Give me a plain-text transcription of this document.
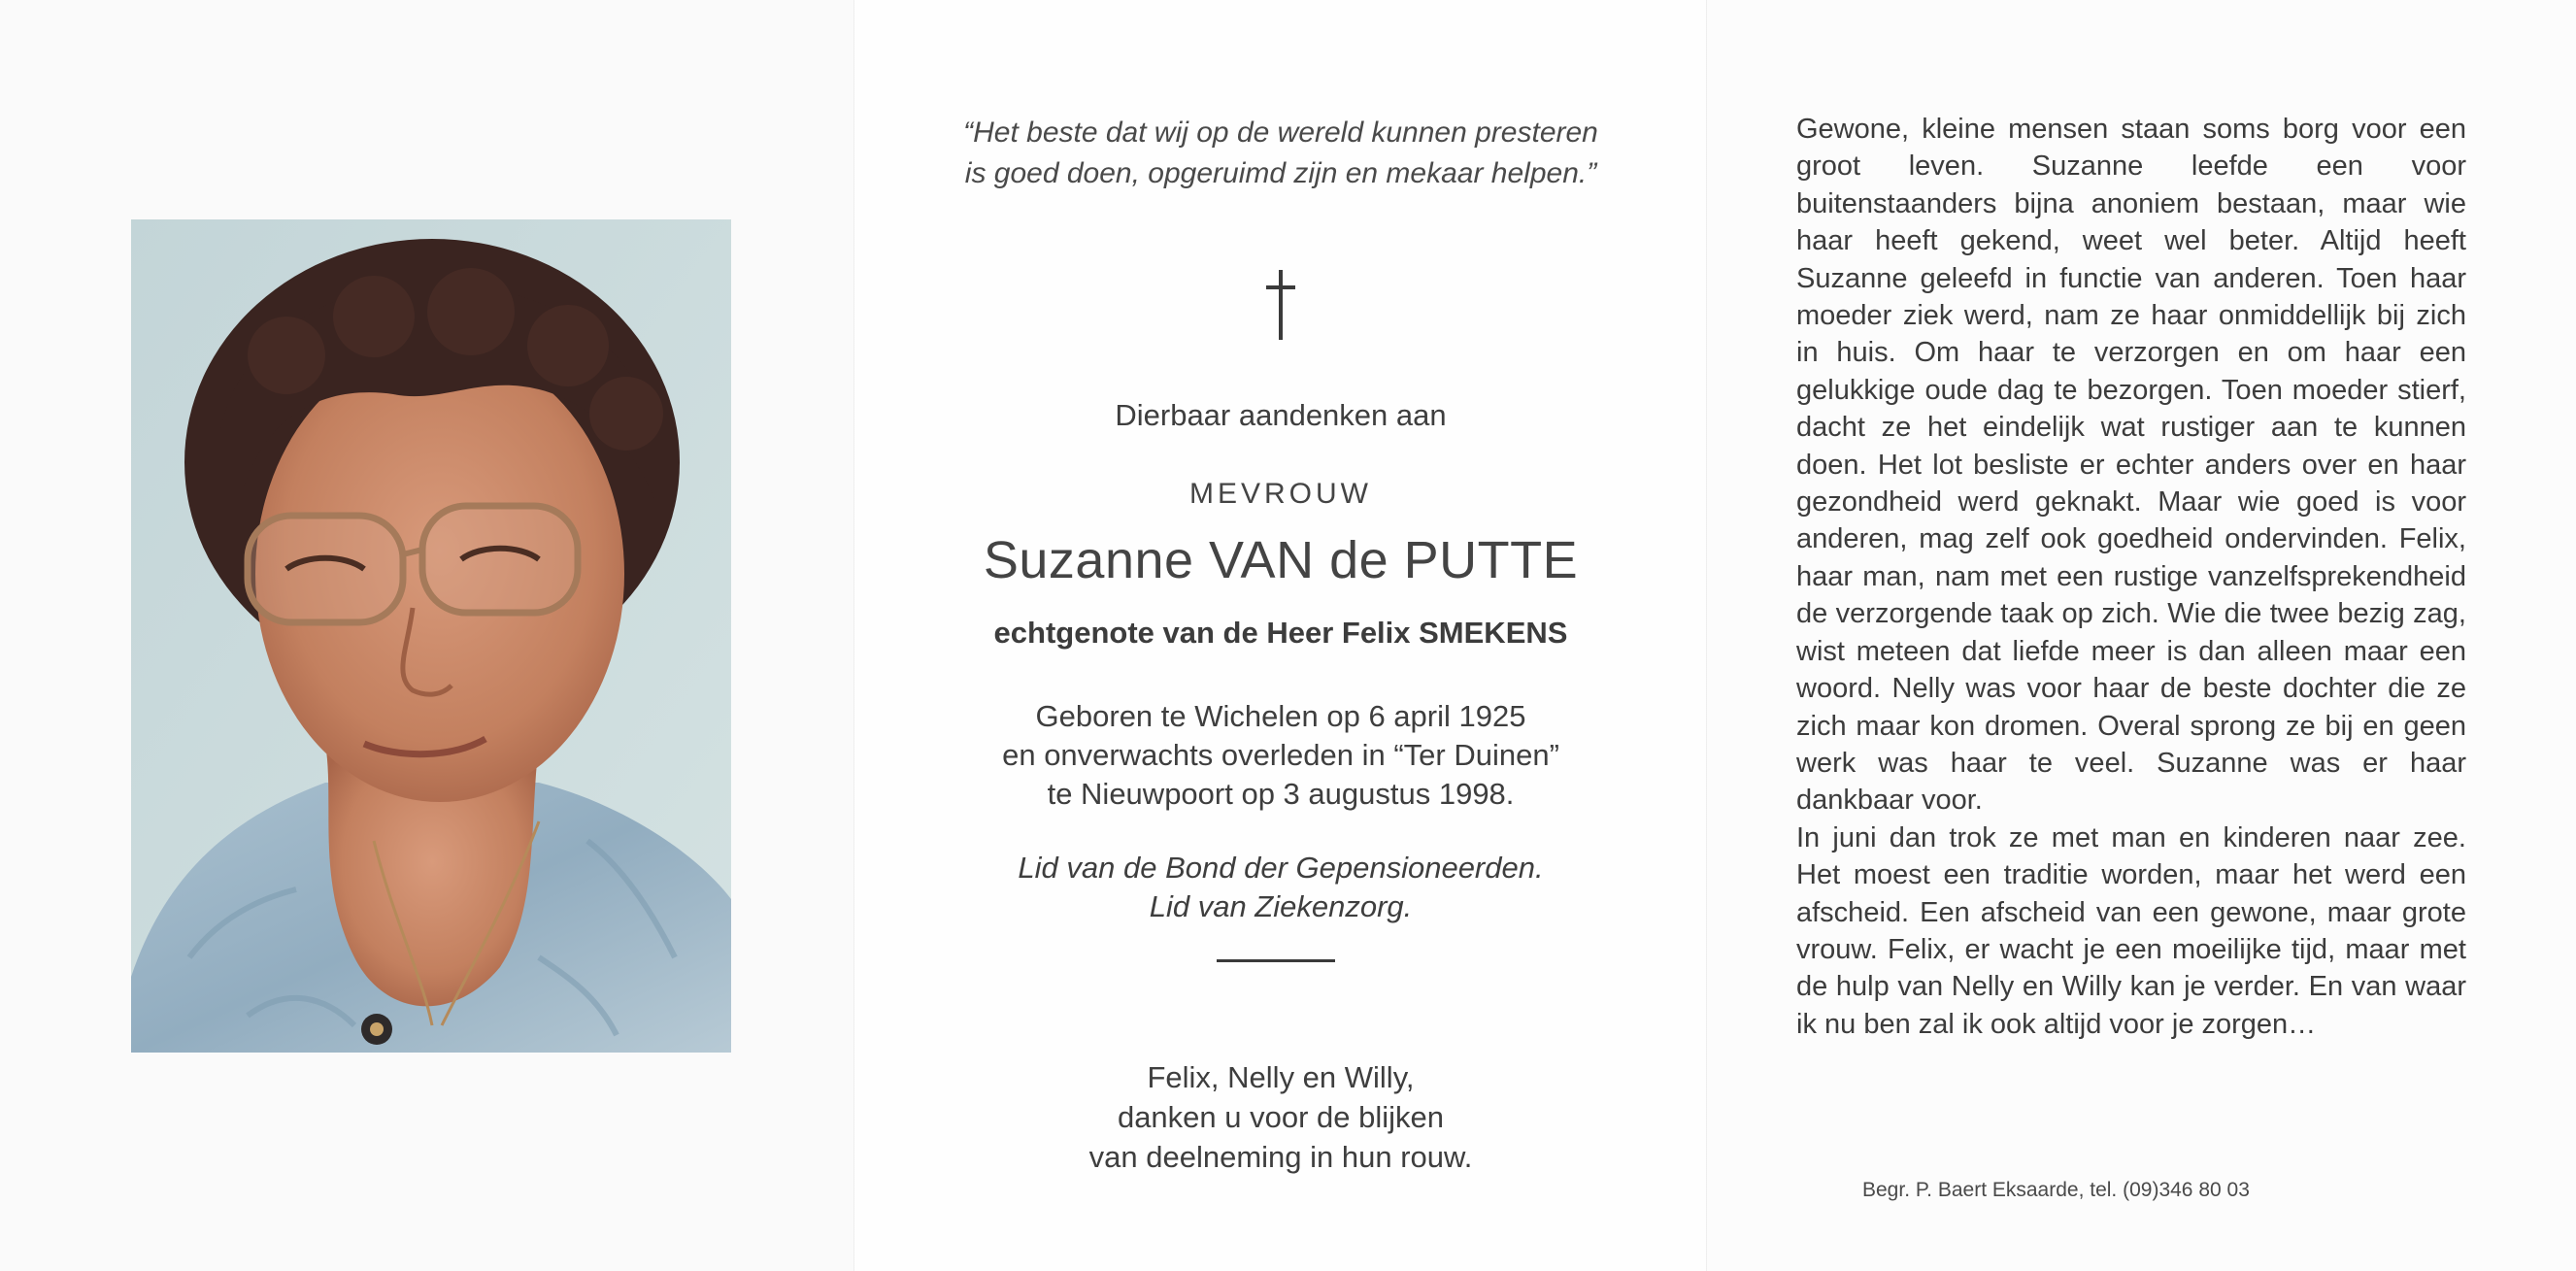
“Het beste dat wij op de wereld kunnen presteren
is goed doen, opgeruimd zijn en mekaar helpen.”
Dierbaar aandenken aan
MEVROUW
Suzanne VAN de PUTTE
echtgenote van de Heer Felix SMEKENS
Geboren te Wichelen op 6 april 1925
en onverwachts overleden in “Ter Duinen”
te Nieuwpoort op 3 augustus 1998.
Lid van de Bond der Gepensioneerden.
Lid van Ziekenzorg.
Felix, Nelly en Willy,
danken u voor de blijken
van deelneming in hun rouw.

Gewone, kleine mensen staan soms borg voor een groot leven. Suzanne leefde een voor buitenstaanders bijna anoniem bestaan, maar wie haar heeft gekend, weet wel beter. Altijd heeft Suzanne geleefd in functie van anderen. Toen haar moeder ziek werd, nam ze haar onmiddellijk bij zich in huis. Om haar te verzorgen en om haar een gelukkige oude dag te bezorgen. Toen moeder stierf, dacht ze het eindelijk wat rustiger aan te kunnen doen. Het lot besliste er echter anders over en haar gezondheid werd geknakt. Maar wie goed is voor anderen, mag zelf ook goedheid ondervinden. Felix, haar man, nam met een rustige vanzelfsprekendheid de verzorgende taak op zich. Wie die twee bezig zag, wist meteen dat liefde meer is dan alleen maar een woord. Nelly was voor haar de beste dochter die ze zich maar kon dromen. Overal sprong ze bij en geen werk was haar te veel. Suzanne was er haar dankbaar voor.

In juni dan trok ze met man en kinderen naar zee. Het moest een traditie worden, maar het werd een afscheid. Een afscheid van een gewone, maar grote vrouw. Felix, er wacht je een moeilijke tijd, maar met de hulp van Nelly en Willy kan je verder. En van waar ik nu ben zal ik ook altijd voor je zorgen…

Begr. P. Baert Eksaarde, tel. (09)346 80 03
